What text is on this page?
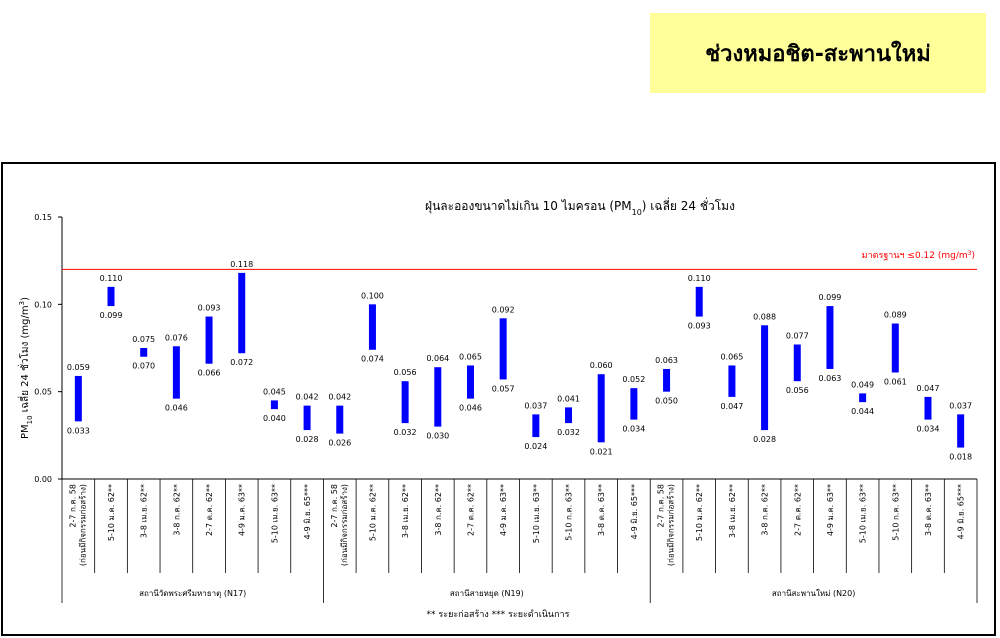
ช่วงหมอชิต-สะพานใหม่
ฝุ่นละอองขนาดไม่เกิน 10 ไมครอน $(PM_{10})$ เฉลี่ย 24 ชั่วโมง
$PM_{10}$ เฉลี่ย 24 ชั่วโมง $(mg/m^3)$
มาตรฐานฯ ≤0.12 $(mg/m^3)$
** ระยะก่อสร้าง *** ระยะดำเนินการ
0.00
0.05
0.10
0.15
0.059
0.033
0.110
0.099
0.075
0.070
0.076
0.046
0.093
0.066
0.118
0.072
0.045
0.040
0.042
0.028
0.042
0.026
0.100
0.074
0.056
0.032
0.064
0.030
0.065
0.046
0.092
0.057
0.037
0.024
0.041
0.032
0.060
0.021
0.052
0.034
0.063
0.050
0.110
0.093
0.065
0.047
0.088
0.028
0.077
0.056
0.099
0.063
0.049
0.044
0.089
0.061
0.047
0.034
0.037
0.018
2-7 ก.ค. 58 (ก่อนมีกิจกรรมก่อสร้าง) 5-10 ม.ค. 62**	3-8 เม.ย. 62**	3-8 ก.ค. 62**	2-7 ต.ค. 62**	4-9 ม.ค. 63**	5-10 เม.ย. 63**	4-9 มิ.ย. 65*** 2-7 ก.ค. 58 (ก่อนมีกิจกรรมก่อสร้าง) 5-10 ม.ค. 62**	3-8 เม.ย. 62**	3-8 ก.ค. 62**	2-7 ต.ค. 62**	4-9 ม.ค. 63**	5-10 เม.ย. 63**	5-10 ก.ค. 63**	3-8 ต.ค. 63**	4-9 มิ.ย. 65*** 2-7 ก.ค. 58 (ก่อนมีกิจกรรมก่อสร้าง) 5-10 ม.ค. 62**	3-8 เม.ย. 62**	3-8 ก.ค. 62**	2-7 ต.ค. 62**	4-9 ม.ค. 63**	5-10 เม.ย. 63**	5-10 ก.ค. 63**	3-8 ต.ค. 63**	4-9 มิ.ย. 65***
สถานีวัดพระศรีมหาธาตุ (N17)	สถานีสายหยุด (N19)	สถานีสะพานใหม่ (N20)
